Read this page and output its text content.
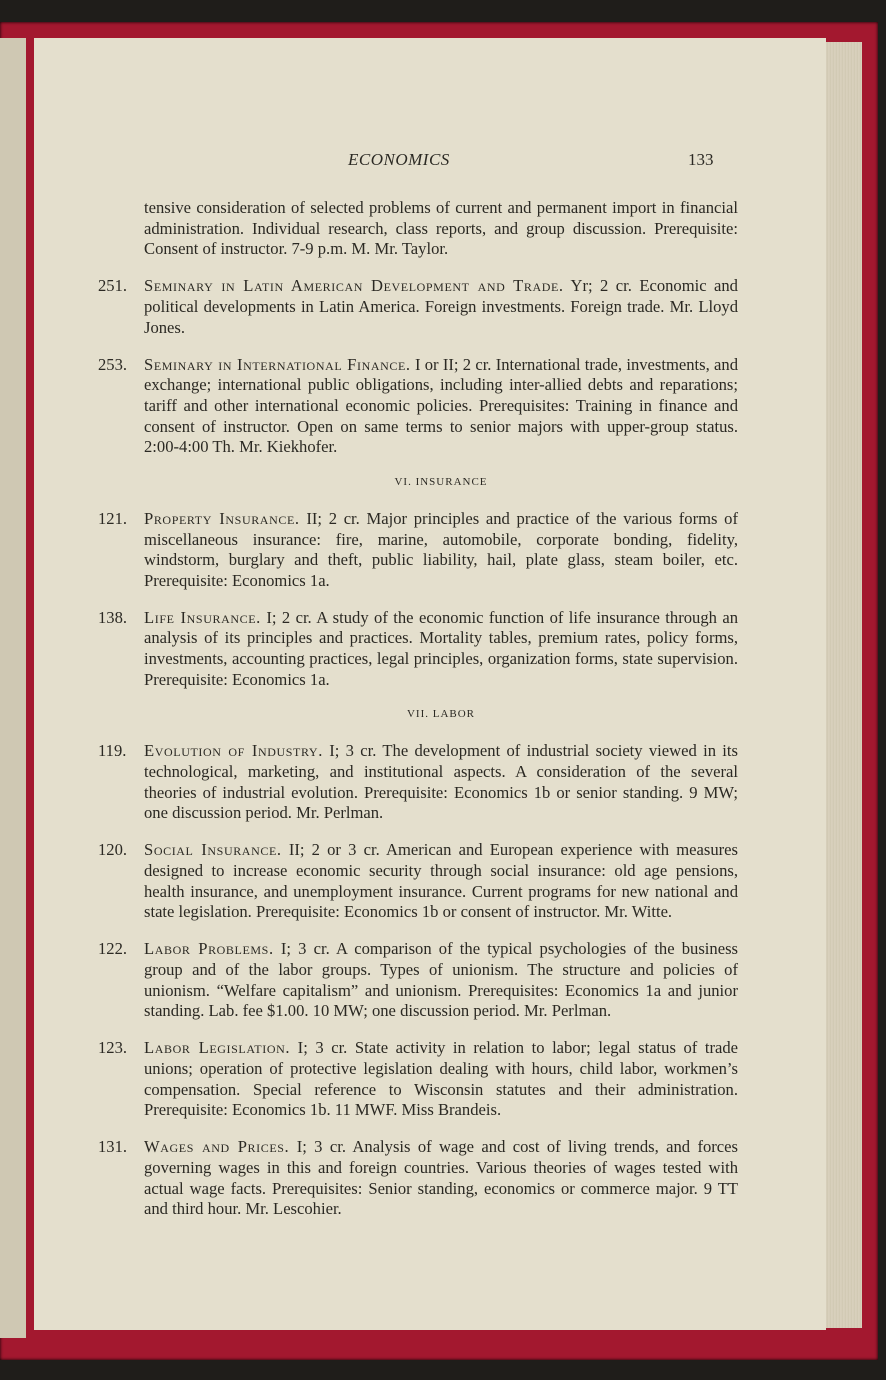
ECONOMICS	133

tensive consideration of selected problems of current and permanent import in financial administration. Individual research, class reports, and group discussion. Prerequisite: Consent of instructor. 7-9 p.m. M. Mr. Taylor.

251. Seminary in Latin American Development and Trade. Yr; 2 cr. Economic and political developments in Latin America. Foreign investments. Foreign trade. Mr. Lloyd Jones.

253. Seminary in International Finance. I or II; 2 cr. International trade, investments, and exchange; international public obligations, including inter-allied debts and reparations; tariff and other international economic policies. Prerequisites: Training in finance and consent of instructor. Open on same terms to senior majors with upper-group status. 2:00-4:00 Th. Mr. Kiekhofer.

VI. INSURANCE

121. Property Insurance. II; 2 cr. Major principles and practice of the various forms of miscellaneous insurance: fire, marine, automobile, corporate bonding, fidelity, windstorm, burglary and theft, public liability, hail, plate glass, steam boiler, etc. Prerequisite: Economics 1a.

138. Life Insurance. I; 2 cr. A study of the economic function of life insurance through an analysis of its principles and practices. Mortality tables, premium rates, policy forms, investments, accounting practices, legal principles, organization forms, state supervision. Prerequisite: Economics 1a.

VII. LABOR

119. Evolution of Industry. I; 3 cr. The development of industrial society viewed in its technological, marketing, and institutional aspects. A consideration of the several theories of industrial evolution. Prerequisite: Economics 1b or senior standing. 9 MW; one discussion period. Mr. Perlman.

120. Social Insurance. II; 2 or 3 cr. American and European experience with measures designed to increase economic security through social insurance: old age pensions, health insurance, and unemployment insurance. Current programs for new national and state legislation. Prerequisite: Economics 1b or consent of instructor. Mr. Witte.

122. Labor Problems. I; 3 cr. A comparison of the typical psychologies of the business group and of the labor groups. Types of unionism. The structure and policies of unionism. “Welfare capitalism” and unionism. Prerequisites: Economics 1a and junior standing. Lab. fee $1.00. 10 MW; one discussion period. Mr. Perlman.

123. Labor Legislation. I; 3 cr. State activity in relation to labor; legal status of trade unions; operation of protective legislation dealing with hours, child labor, workmen’s compensation. Special reference to Wisconsin statutes and their administration. Prerequisite: Economics 1b. 11 MWF. Miss Brandeis.

131. Wages and Prices. I; 3 cr. Analysis of wage and cost of living trends, and forces governing wages in this and foreign countries. Various theories of wages tested with actual wage facts. Prerequisites: Senior standing, economics or commerce major. 9 TT and third hour. Mr. Lescohier.
